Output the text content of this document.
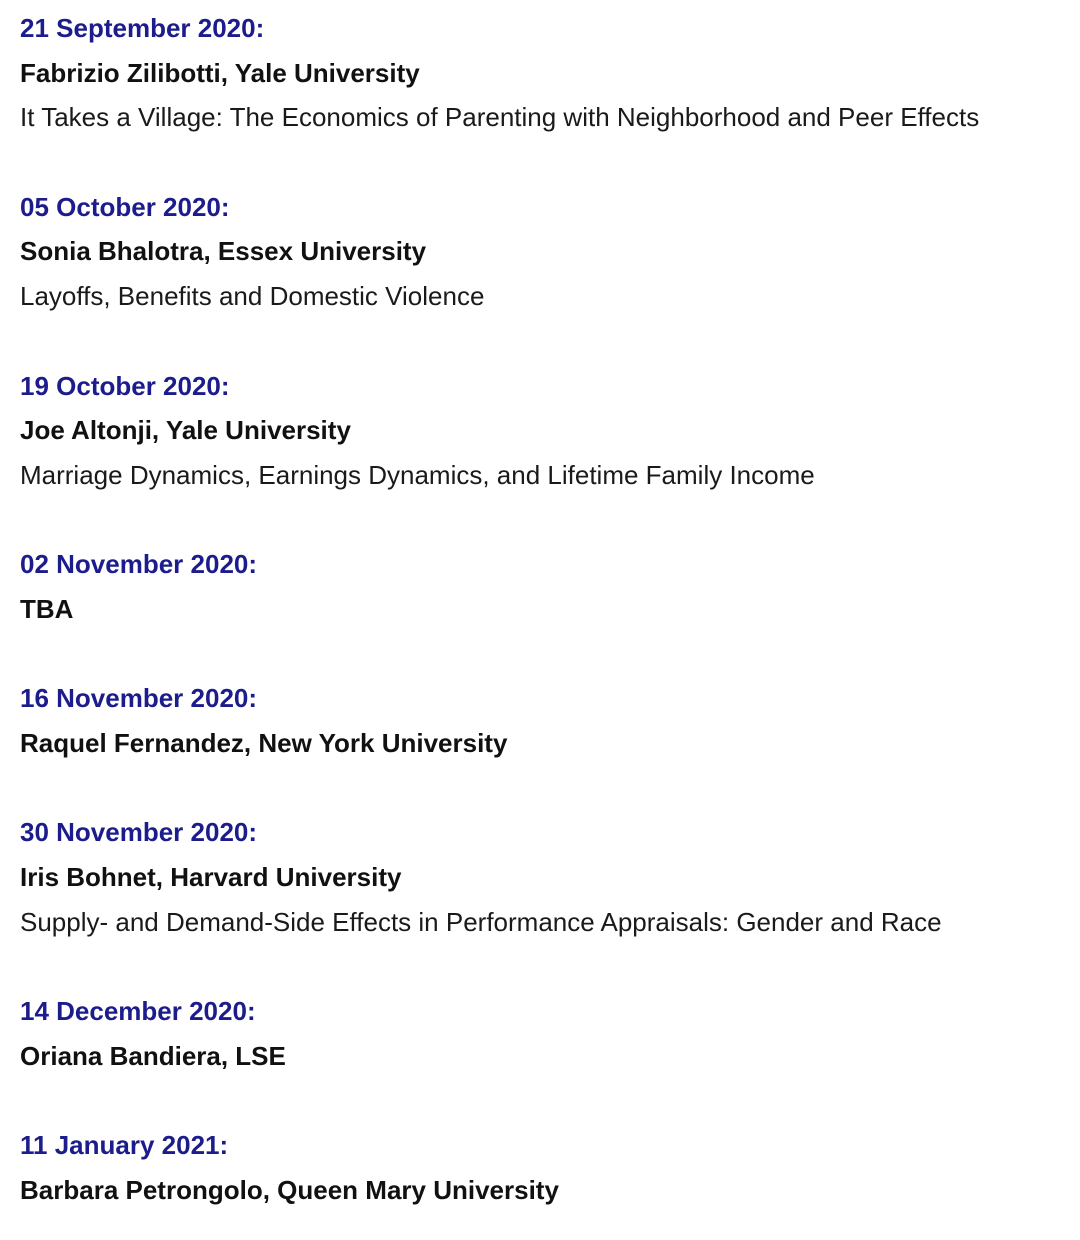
21 September 2020:
Fabrizio Zilibotti, Yale University
It Takes a Village: The Economics of Parenting with Neighborhood and Peer Effects
05 October 2020:
Sonia Bhalotra, Essex University
Layoffs, Benefits and Domestic Violence
19 October 2020:
Joe Altonji, Yale University
Marriage Dynamics, Earnings Dynamics, and Lifetime Family Income
02 November 2020:
TBA
16 November 2020:
Raquel Fernandez, New York University
30 November 2020:
Iris Bohnet, Harvard University
Supply- and Demand-Side Effects in Performance Appraisals: Gender and Race
14 December 2020:
Oriana Bandiera, LSE
11 January 2021:
Barbara Petrongolo, Queen Mary University
